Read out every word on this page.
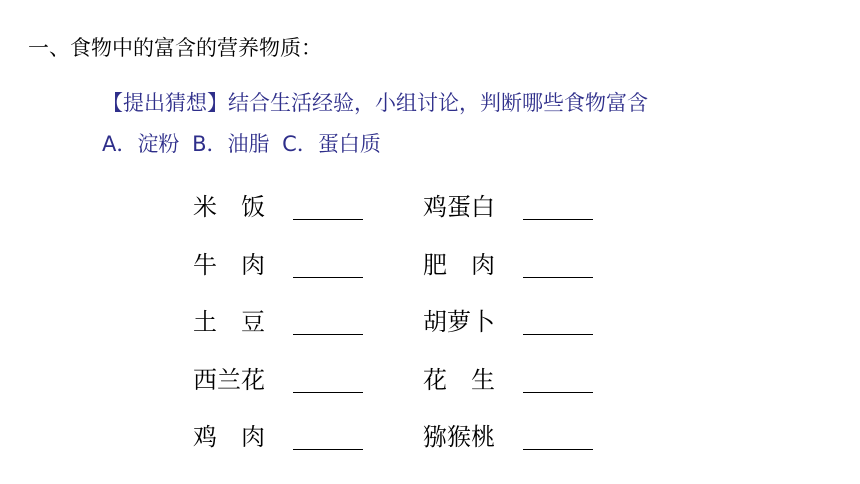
一、食物中的富含的营养物质：
【提出猜想】结合生活经验，小组讨论，判断哪些食物富含
A．淀粉 B．油脂 C．蛋白质
米　饭	鸡蛋白
牛　肉	肥　肉
土　豆	胡萝卜
西兰花	花　生
鸡　肉	猕猴桃
